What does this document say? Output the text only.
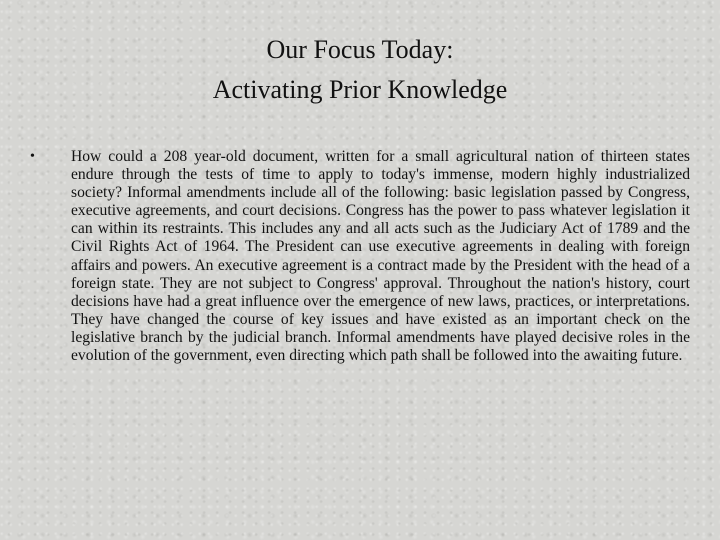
Our Focus Today:
Activating Prior Knowledge
•	How could a 208 year-old document, written for a small agricultural nation of thirteen states endure through the tests of time to apply to today's immense, modern highly industrialized society? Informal amendments include all of the following: basic legislation passed by Congress, executive agreements, and court decisions. Congress has the power to pass whatever legislation it can within its restraints. This includes any and all acts such as the Judiciary Act of 1789 and the Civil Rights Act of 1964. The President can use executive agreements in dealing with foreign affairs and powers. An executive agreement is a contract made by the President with the head of a foreign state. They are not subject to Congress' approval. Throughout the nation's history, court decisions have had a great influence over the emergence of new laws, practices, or interpretations. They have changed the course of key issues and have existed as an important check on the legislative branch by the judicial branch. Informal amendments have played decisive roles in the evolution of the government, even directing which path shall be followed into the awaiting future.
